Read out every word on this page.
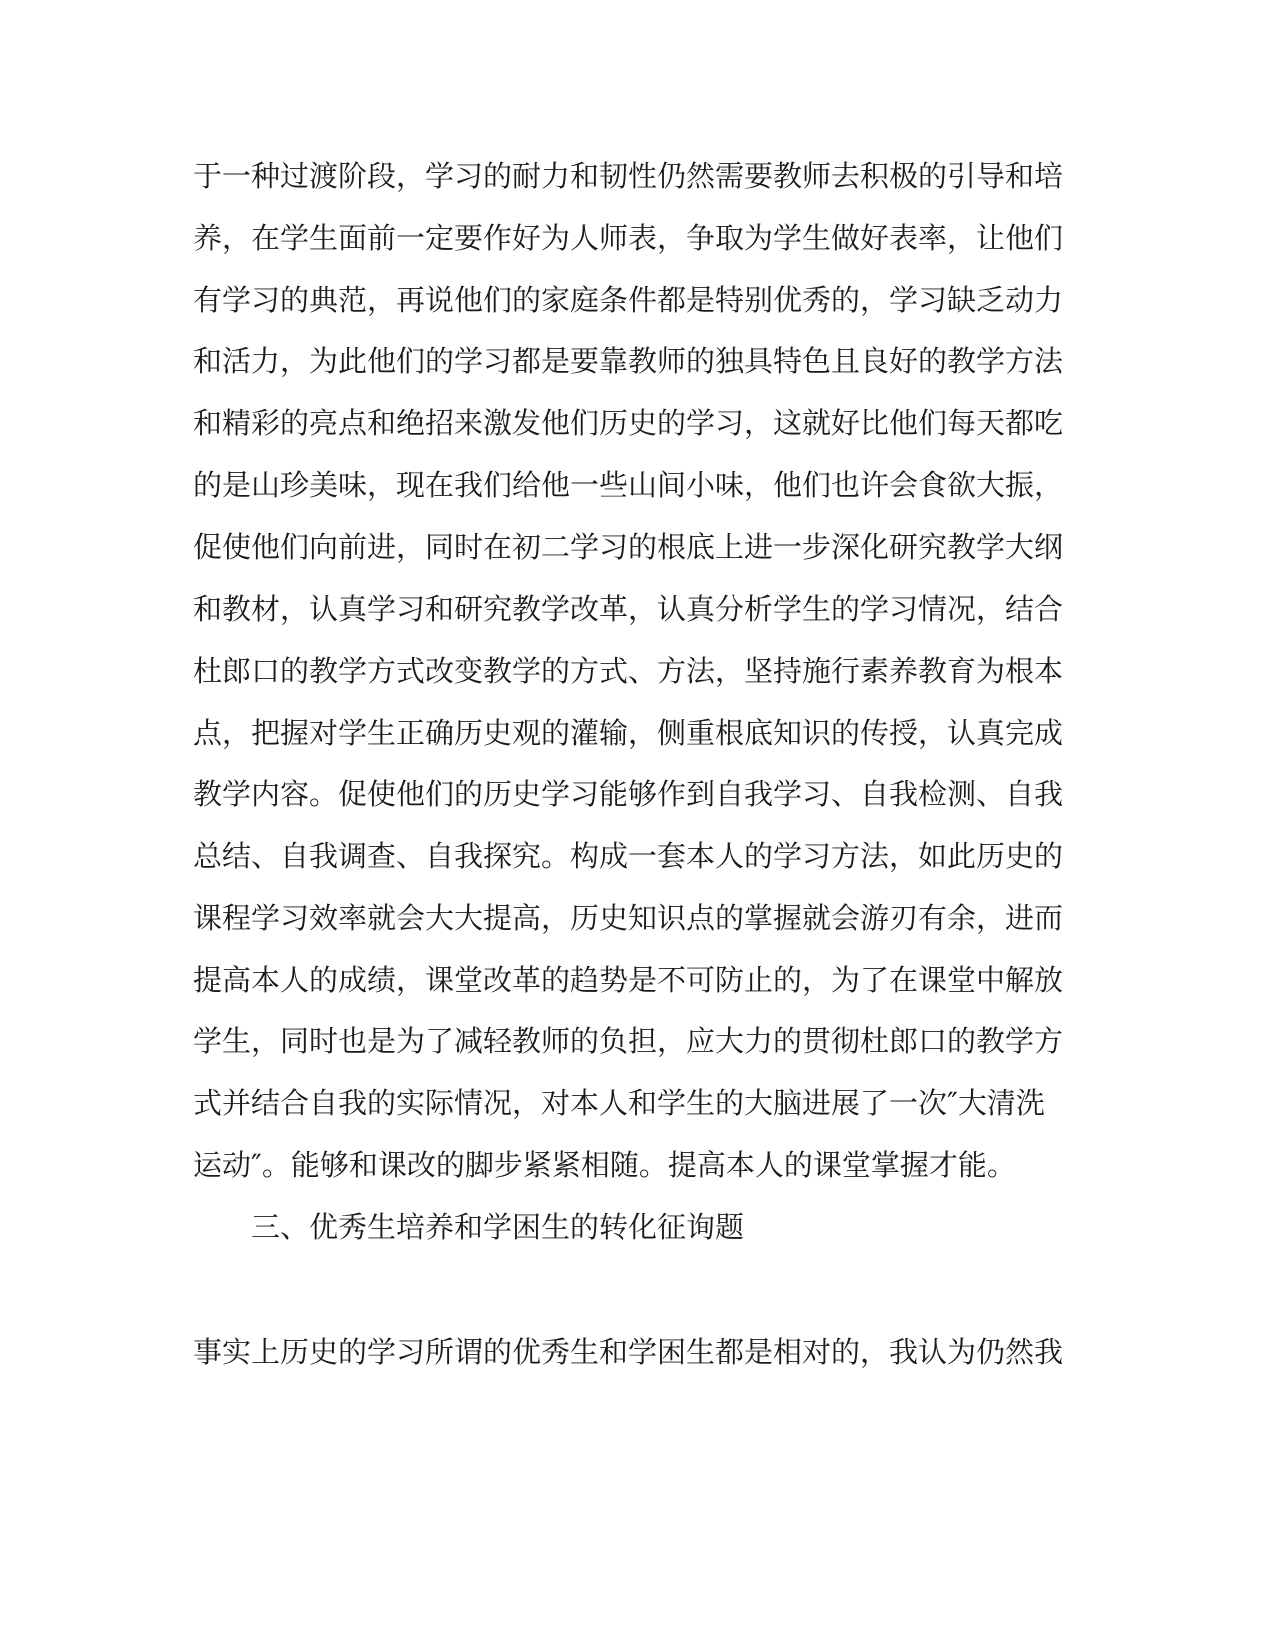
于一种过渡阶段，学习的耐力和韧性仍然需要教师去积极的引导和培
养，在学生面前一定要作好为人师表，争取为学生做好表率，让他们
有学习的典范，再说他们的家庭条件都是特别优秀的，学习缺乏动力
和活力，为此他们的学习都是要靠教师的独具特色且良好的教学方法
和精彩的亮点和绝招来激发他们历史的学习，这就好比他们每天都吃
的是山珍美味，现在我们给他一些山间小味，他们也许会食欲大振，
促使他们向前进，同时在初二学习的根底上进一步深化研究教学大纲
和教材，认真学习和研究教学改革，认真分析学生的学习情况，结合
杜郎口的教学方式改变教学的方式、方法，坚持施行素养教育为根本
点，把握对学生正确历史观的灌输，侧重根底知识的传授，认真完成
教学内容。促使他们的历史学习能够作到自我学习、自我检测、自我
总结、自我调查、自我探究。构成一套本人的学习方法，如此历史的
课程学习效率就会大大提高，历史知识点的掌握就会游刃有余，进而
提高本人的成绩，课堂改革的趋势是不可防止的，为了在课堂中解放
学生，同时也是为了减轻教师的负担，应大力的贯彻杜郎口的教学方
式并结合自我的实际情况，对本人和学生的大脑进展了一次″大清洗
运动″。能够和课改的脚步紧紧相随。提高本人的课堂掌握才能。
三、优秀生培养和学困生的转化征询题
事实上历史的学习所谓的优秀生和学困生都是相对的，我认为仍然我
